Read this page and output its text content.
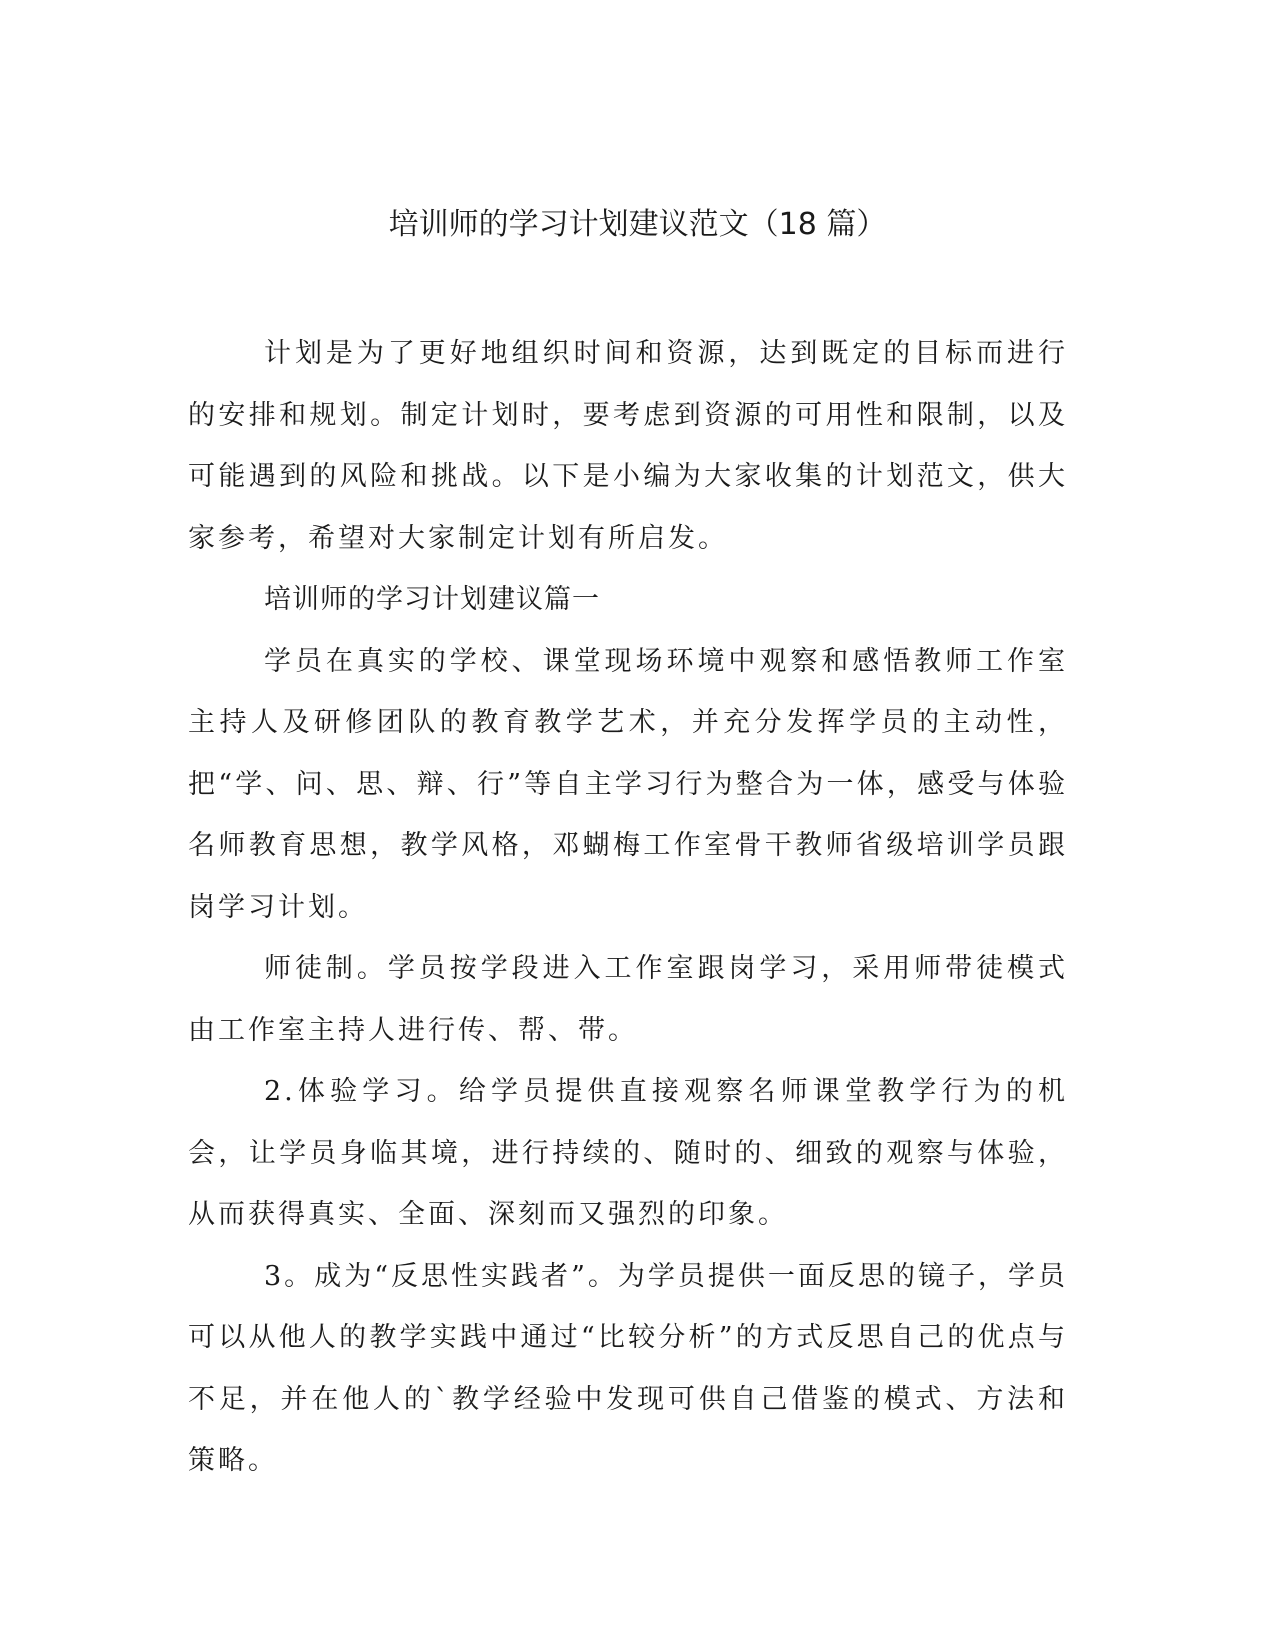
培训师的学习计划建议范文（18 篇）

计划是为了更好地组织时间和资源，达到既定的目标而进行的安排和规划。制定计划时，要考虑到资源的可用性和限制，以及可能遇到的风险和挑战。以下是小编为大家收集的计划范文，供大家参考，希望对大家制定计划有所启发。

培训师的学习计划建议篇一

学员在真实的学校、课堂现场环境中观察和感悟教师工作室主持人及研修团队的教育教学艺术，并充分发挥学员的主动性，把“学、问、思、辩、行”等自主学习行为整合为一体，感受与体验名师教育思想，教学风格，邓蝴梅工作室骨干教师省级培训学员跟岗学习计划。

师徒制。学员按学段进入工作室跟岗学习，采用师带徒模式由工作室主持人进行传、帮、带。

2.体验学习。给学员提供直接观察名师课堂教学行为的机会，让学员身临其境，进行持续的、随时的、细致的观察与体验，从而获得真实、全面、深刻而又强烈的印象。

3。成为“反思性实践者”。为学员提供一面反思的镜子，学员可以从他人的教学实践中通过“比较分析”的方式反思自己的优点与不足，并在他人的`教学经验中发现可供自己借鉴的模式、方法和策略。
